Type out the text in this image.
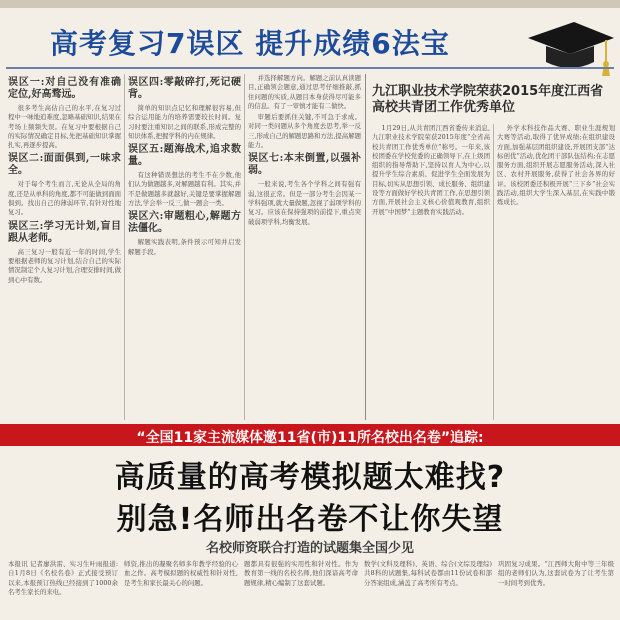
高考复习7误区 提升成绩6法宝
误区一:对自己没有准确定位,好高骛远。

很多考生高估自己的水平,在复习过程中一味地追难度,忽略基础知识,结果在考场上频频失误。在复习中要根据自己的实际情况确定目标,先把基础知识掌握扎实,再逐步提高。

误区二:面面俱到,一味求全。

对于每个考生而言,无论从全局的角度,还是从单科的角度,都不可能做到面面俱到。找出自己的薄弱环节,有针对性地复习。

误区三:学习无计划,盲目跟从老师。

高三复习一般有近一年的时间,学生要根据老师的复习计划,结合自己的实际情况制定个人复习计划,合理安排时间,做到心中有数。

误区四:零敲碎打,死记硬背。

简单的知识点记忆和理解很容易,但综合运用能力的培养需要较长时间。复习时要注重知识之间的联系,形成完整的知识体系,把握学科的内在规律。

误区五:题海战术,追求数量。

有这种错误想法的考生不在少数,他们认为做题越多,对解题越有利。其实,并不是做题越多就越好,关键是要掌握解题方法,学会举一反三,做一题会一类。

误区六:审题粗心,解题方法僵化。

解题实践表明,条件预示可知并启发解题手段。

并选择解题方向。解题之前认真读题目,正确领会题意,通过思考仔细推敲,抓住问题的实质,从题目本身获得尽可能多的信息。有了一审慎才能有二做快。

审题后要抓住关键,不可急于求成。对同一类问题从多个角度去思考,举一反三,形成自己的解题思路和方法,提高解题能力。

误区七:本末倒置,以强补弱。

一般来说,考生各个学科之间有强有弱,这很正常。但是一部分考生会因某一学科强项,就大量做题,忽视了弱项学科的复习。应该在保持强项的前提下,重点突破弱项学科,均衡发展。

九江职业技术学院荣获2015年度江西省高校共青团工作优秀单位

1月29日,从共青团江西省委传来消息,九江职业技术学院荣获2015年度“全省高校共青团工作优秀单位”称号。一年来,该校团委在学校党委的正确领导下,在上级团组织的指导帮助下,坚持以育人为中心,以提升学生综合素质、促进学生全面发展为目标,切实从思想引领、成长服务、组织建设等方面做好学校共青团工作,在思想引领方面,开展社会主义核心价值观教育,组织开展“中国梦”主题教育实践活动。

外学术科技作品大赛、职业生涯规划大赛等活动,取得了优异成绩;在组织建设方面,加强基层团组织建设,开展团支部“达标创优”活动,优化团干部队伍结构;在志愿服务方面,组织开展志愿服务活动,深入社区、农村开展服务,获得了社会各界的好评。该校团委还积极开展“三下乡”社会实践活动,组织大学生深入基层,在实践中锻炼成长。

“全国11家主流媒体邀11省(市)11所名校出名卷”追踪:
高质量的高考模拟题太难找?
别急!名师出名卷不让你失望
名校师资联合打造的试题集全国少见
本报讯 记者廖洪雷、实习生叶雨报道:自1月8日《名校名卷》正式接受预订以来,本报预订热线已经接到了1000余名考生家长的来电。
师资,推出的凝聚名师多年教学经验的心血之作。高考模拟题的权威性和针对性,是考生和家长最关心的问题。
题都具有很强的实用性和针对性。作为教育第一线的名校名师,他们深谙高考命题规律,精心编制了这套试题。
数学(文科及理科)、英语、综合(文综及理综)共8科的试题集,每科试卷都由11份试卷和部分答案组成,涵盖了高考所有考点。
巩固复习成果。“江西师大附中等三年级组的老师们认为,这套试卷为了让考生第一时间考到优秀。
